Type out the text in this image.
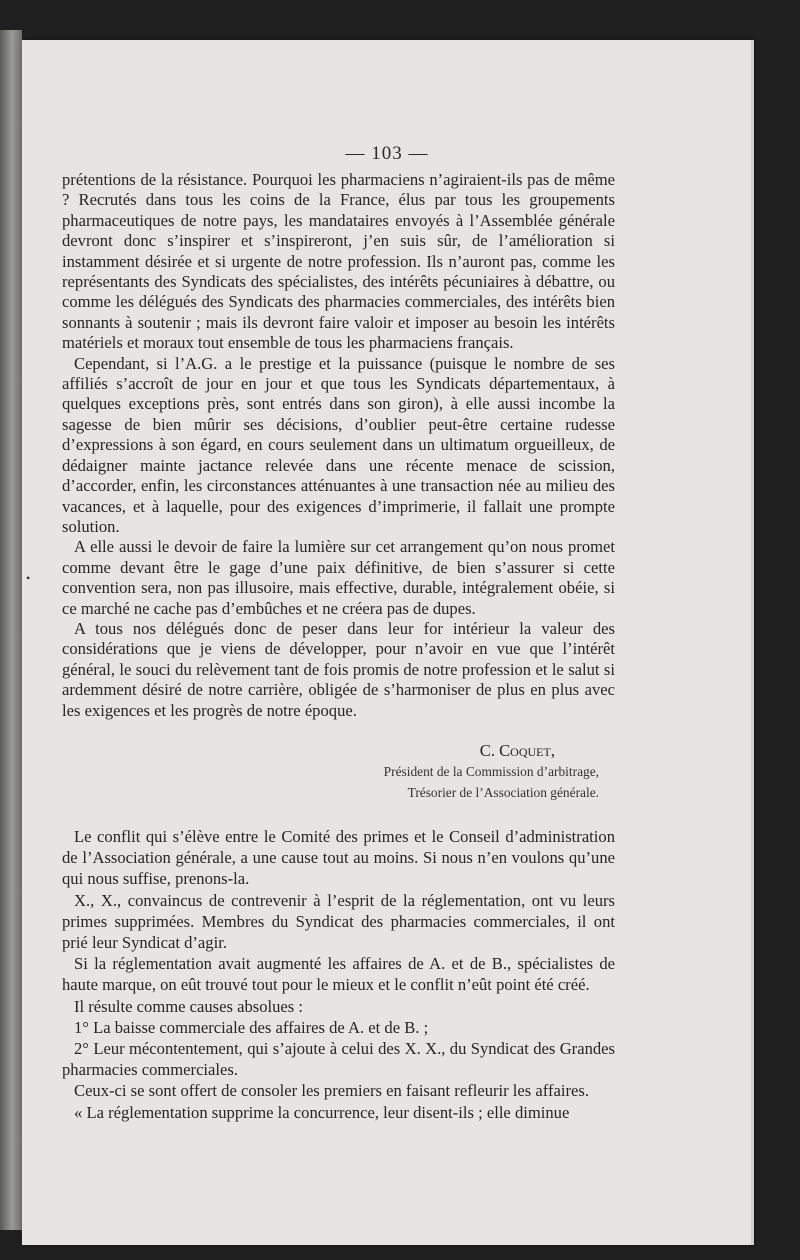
— 103 —

prétentions de la résistance. Pourquoi les pharmaciens n’agiraient-ils pas de même ? Recrutés dans tous les coins de la France, élus par tous les groupements pharmaceutiques de notre pays, les mandataires envoyés à l’Assemblée générale devront donc s’inspirer et s’inspireront, j’en suis sûr, de l’amélioration si instamment désirée et si urgente de notre profession. Ils n’auront pas, comme les représentants des Syndicats des spécialistes, des intérêts pécuniaires à débattre, ou comme les délégués des Syndicats des pharmacies commerciales, des intérêts bien sonnants à soutenir ; mais ils devront faire valoir et imposer au besoin les intérêts matériels et moraux tout ensemble de tous les pharmaciens français.

Cependant, si l’A.G. a le prestige et la puissance (puisque le nombre de ses affiliés s’accroît de jour en jour et que tous les Syndicats départementaux, à quelques exceptions près, sont entrés dans son giron), à elle aussi incombe la sagesse de bien mûrir ses décisions, d’oublier peut-être certaine rudesse d’expressions à son égard, en cours seulement dans un ultimatum orgueilleux, de dédaigner mainte jactance relevée dans une récente menace de scission, d’accorder, enfin, les circonstances atténuantes à une transaction née au milieu des vacances, et à laquelle, pour des exigences d’imprimerie, il fallait une prompte solution.

A elle aussi le devoir de faire la lumière sur cet arrangement qu’on nous promet comme devant être le gage d’une paix définitive, de bien s’assurer si cette convention sera, non pas illusoire, mais effective, durable, intégralement obéie, si ce marché ne cache pas d’embûches et ne créera pas de dupes.

A tous nos délégués donc de peser dans leur for intérieur la valeur des considérations que je viens de développer, pour n’avoir en vue que l’intérêt général, le souci du relèvement tant de fois promis de notre profession et le salut si ardemment désiré de notre carrière, obligée de s’harmoniser de plus en plus avec les exigences et les progrès de notre époque.

C. Coquet,
Président de la Commission d’arbitrage,
Trésorier de l’Association générale.

Le conflit qui s’élève entre le Comité des primes et le Conseil d’administration de l’Association générale, a une cause tout au moins. Si nous n’en voulons qu’une qui nous suffise, prenons-la.

X., X., convaincus de contrevenir à l’esprit de la réglementation, ont vu leurs primes supprimées. Membres du Syndicat des pharmacies commerciales, il ont prié leur Syndicat d’agir.

Si la réglementation avait augmenté les affaires de A. et de B., spécialistes de haute marque, on eût trouvé tout pour le mieux et le conflit n’eût point été créé.

Il résulte comme causes absolues :

1° La baisse commerciale des affaires de A. et de B. ;

2° Leur mécontentement, qui s’ajoute à celui des X. X., du Syndicat des Grandes pharmacies commerciales.

Ceux-ci se sont offert de consoler les premiers en faisant refleurir les affaires.

« La réglementation supprime la concurrence, leur disent-ils ; elle diminue

•
